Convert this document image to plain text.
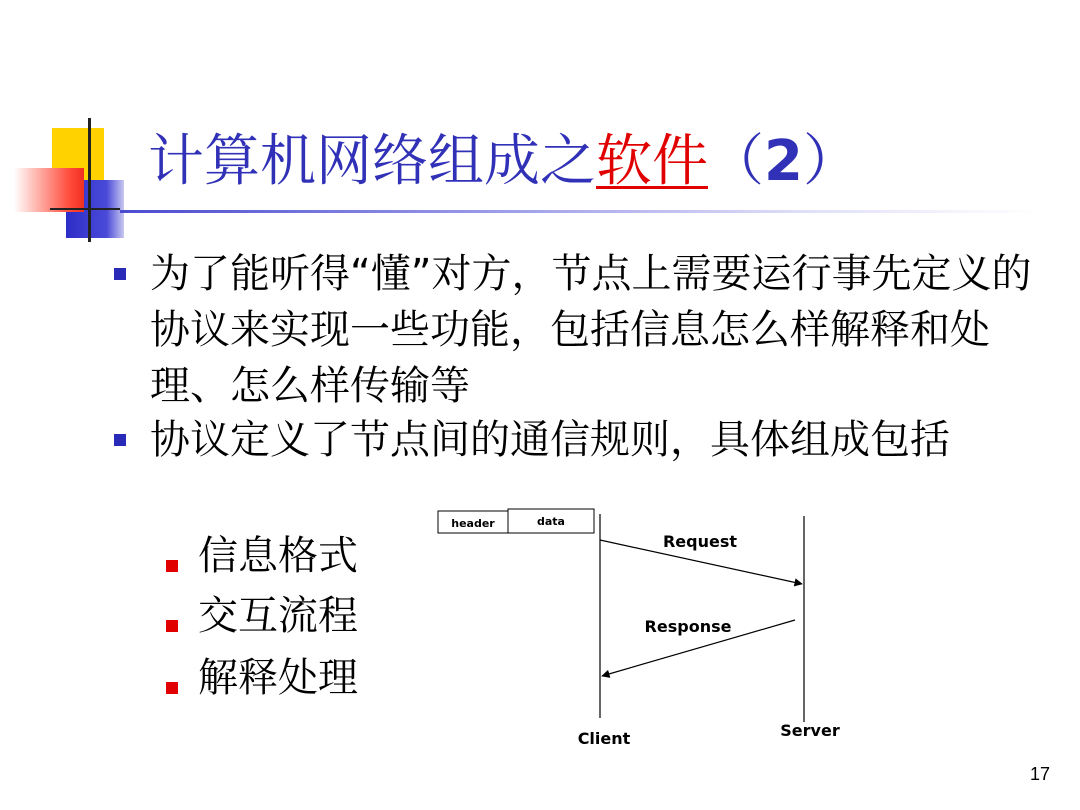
计算机网络组成之软件（2）
为了能听得“懂”对方，节点上需要运行事先定义的协议来实现一些功能，包括信息怎么样解释和处理、怎么样传输等
协议定义了节点间的通信规则，具体组成包括
信息格式
交互流程
解释处理
header	data
Request
Response
Client	Server
17
